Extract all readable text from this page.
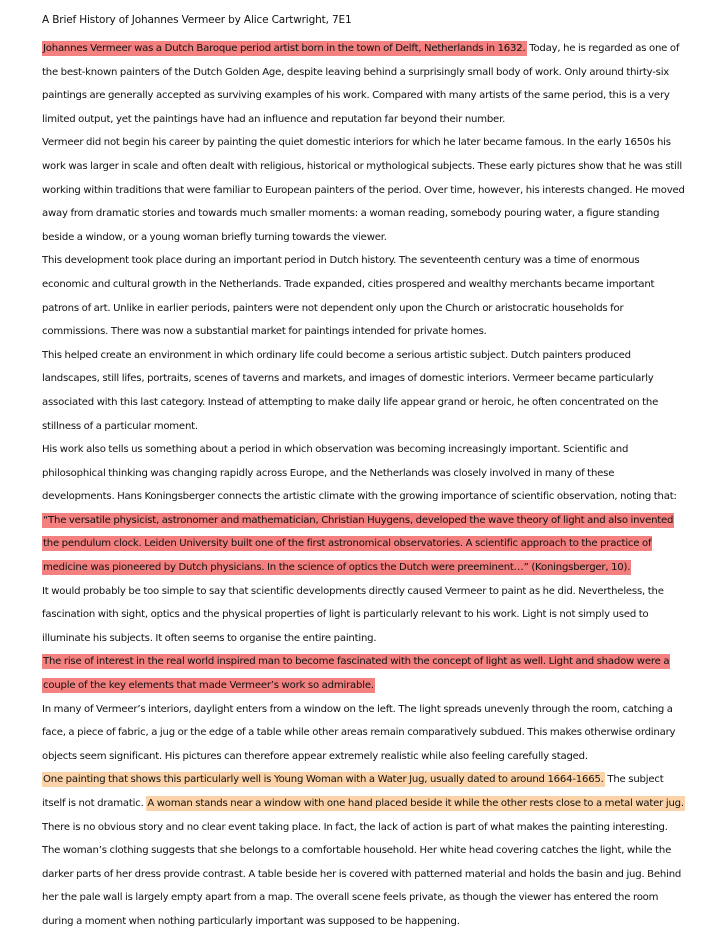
A Brief History of Johannes Vermeer by Alice Cartwright, 7E1

Johannes Vermeer was a Dutch Baroque period artist born in the town of Delft, Netherlands in 1632. Today, he is regarded as one of the best-known painters of the Dutch Golden Age, despite leaving behind a surprisingly small body of work. Only around thirty-six paintings are generally accepted as surviving examples of his work. Compared with many artists of the same period, this is a very limited output, yet the paintings have had an influence and reputation far beyond their number.

Vermeer did not begin his career by painting the quiet domestic interiors for which he later became famous. In the early 1650s his work was larger in scale and often dealt with religious, historical or mythological subjects. These early pictures show that he was still working within traditions that were familiar to European painters of the period. Over time, however, his interests changed. He moved away from dramatic stories and towards much smaller moments: a woman reading, somebody pouring water, a figure standing beside a window, or a young woman briefly turning towards the viewer.

This development took place during an important period in Dutch history. The seventeenth century was a time of enormous economic and cultural growth in the Netherlands. Trade expanded, cities prospered and wealthy merchants became important patrons of art. Unlike in earlier periods, painters were not dependent only upon the Church or aristocratic households for commissions. There was now a substantial market for paintings intended for private homes.

This helped create an environment in which ordinary life could become a serious artistic subject. Dutch painters produced landscapes, still lifes, portraits, scenes of taverns and markets, and images of domestic interiors. Vermeer became particularly associated with this last category. Instead of attempting to make daily life appear grand or heroic, he often concentrated on the stillness of a particular moment.

His work also tells us something about a period in which observation was becoming increasingly important. Scientific and philosophical thinking was changing rapidly across Europe, and the Netherlands was closely involved in many of these developments. Hans Koningsberger connects the artistic climate with the growing importance of scientific observation, noting that:

“The versatile physicist, astronomer and mathematician, Christian Huygens, developed the wave theory of light and also invented the pendulum clock. Leiden University built one of the first astronomical observatories. A scientific approach to the practice of medicine was pioneered by Dutch physicians. In the science of optics the Dutch were preeminent…” (Koningsberger, 10).

It would probably be too simple to say that scientific developments directly caused Vermeer to paint as he did. Nevertheless, the fascination with sight, optics and the physical properties of light is particularly relevant to his work. Light is not simply used to illuminate his subjects. It often seems to organise the entire painting.

The rise of interest in the real world inspired man to become fascinated with the concept of light as well. Light and shadow were a couple of the key elements that made Vermeer’s work so admirable.

In many of Vermeer’s interiors, daylight enters from a window on the left. The light spreads unevenly through the room, catching a face, a piece of fabric, a jug or the edge of a table while other areas remain comparatively subdued. This makes otherwise ordinary objects seem significant. His pictures can therefore appear extremely realistic while also feeling carefully staged.

One painting that shows this particularly well is Young Woman with a Water Jug, usually dated to around 1664-1665. The subject itself is not dramatic. A woman stands near a window with one hand placed beside it while the other rests close to a metal water jug. There is no obvious story and no clear event taking place. In fact, the lack of action is part of what makes the painting interesting.

The woman’s clothing suggests that she belongs to a comfortable household. Her white head covering catches the light, while the darker parts of her dress provide contrast. A table beside her is covered with patterned material and holds the basin and jug. Behind her the pale wall is largely empty apart from a map. The overall scene feels private, as though the viewer has entered the room during a moment when nothing particularly important was supposed to be happening.
